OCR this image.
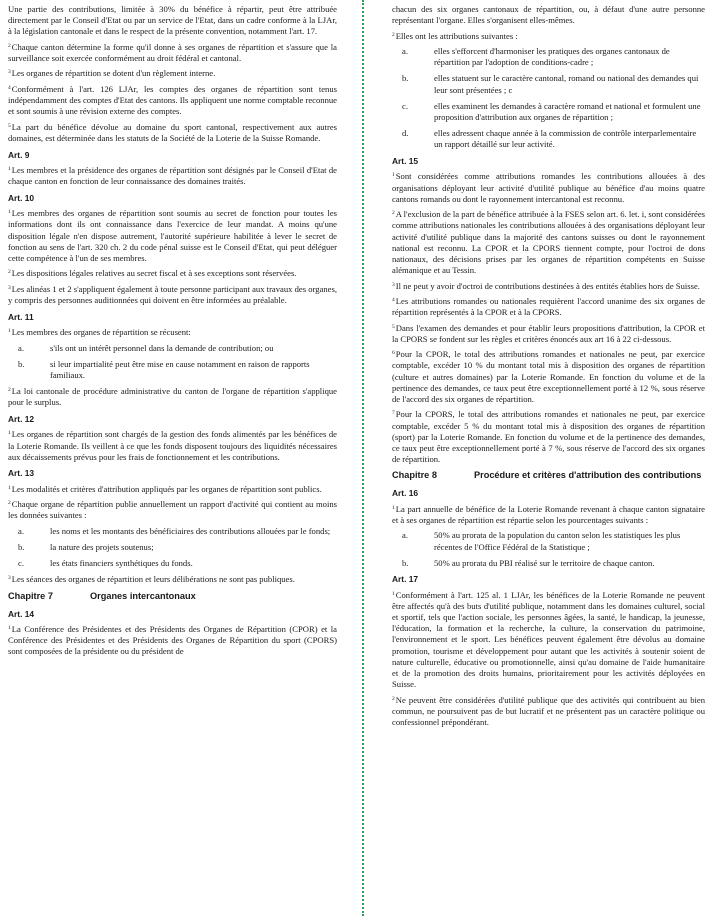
Une partie des contributions, limitée à 30% du bénéfice à répartir, peut être attribuée directement par le Conseil d'Etat ou par un service de l'Etat, dans un cadre conforme à la LJAr, à la législation cantonale et dans le respect de la présente convention, notamment l'art. 17.

$^2$Chaque canton détermine la forme qu'il donne à ses organes de répartition et s'assure que la surveillance soit exercée conformément au droit fédéral et cantonal.

$^3$Les organes de répartition se dotent d'un règlement interne.

$^4$Conformément à l'art. 126 LJAr, les comptes des organes de répartition sont tenus indépendamment des comptes d'Etat des cantons. Ils appliquent une norme comptable reconnue et sont soumis à une révision externe des comptes.

$^5$La part du bénéfice dévolue au domaine du sport cantonal, respectivement aux autres domaines, est déterminée dans les statuts de la Société de la Loterie de la Suisse Romande.

Art. 9

$^1$Les membres et la présidence des organes de répartition sont désignés par le Conseil d'Etat de chaque canton en fonction de leur connaissance des domaines traités.

Art. 10

$^1$Les membres des organes de répartition sont soumis au secret de fonction pour toutes les informations dont ils ont connaissance dans l'exercice de leur mandat. A moins qu'une disposition légale n'en dispose autrement, l'autorité supérieure habilitée à lever le secret de fonction au sens de l'art. 320 ch. 2 du code pénal suisse est le Conseil d'Etat, qui peut déléguer cette compétence à l'un de ses membres.

$^2$Les dispositions légales relatives au secret fiscal et à ses exceptions sont réservées.

$^3$Les alinéas 1 et 2 s'appliquent également à toute personne participant aux travaux des organes, y compris des personnes auditionnées qui doivent en être informées au préalable.

Art. 11

$^1$Les membres des organes de répartition se récusent:

a.	s'ils ont un intérêt personnel dans la demande de contribution; ou
b.	si leur impartialité peut être mise en cause notamment en raison de rapports familiaux.

$^2$La loi cantonale de procédure administrative du canton de l'organe de répartition s'applique pour le surplus.

Art. 12

$^1$Les organes de répartition sont chargés de la gestion des fonds alimentés par les bénéfices de la Loterie Romande. Ils veillent à ce que les fonds disposent toujours des liquidités nécessaires aux décaissements prévus pour les frais de fonctionnement et les contributions.

Art. 13

$^1$Les modalités et critères d'attribution appliqués par les organes de répartition sont publics.

$^2$Chaque organe de répartition publie annuellement un rapport d'activité qui contient au moins les données suivantes :

a.	les noms et les montants des bénéficiaires des contributions allouées par le fonds;
b.	la nature des projets soutenus;
c.	les états financiers synthétiques du fonds.

$^3$Les séances des organes de répartition et leurs délibérations ne sont pas publiques.

Chapitre 7	Organes intercantonaux
Art. 14

$^1$La Conférence des Présidentes et des Présidents des Organes de Répartition (CPOR) et la Conférence des Présidentes et des Présidents des Organes de Répartition du sport (CPORS) sont composées de la présidente ou du président de

chacun des six organes cantonaux de répartition, ou, à défaut d'une autre personne représentant l'organe. Elles s'organisent elles-mêmes.

$^2$Elles ont les attributions suivantes :

a.	elles s'efforcent d'harmoniser les pratiques des organes cantonaux de répartition par l'adoption de conditions-cadre ;
b.	elles statuent sur le caractère cantonal, romand ou national des demandes qui leur sont présentées ; c
c.	elles examinent les demandes à caractère romand et national et formulent une proposition d'attribution aux organes de répartition ;
d.	elles adressent chaque année à la commission de contrôle interparlementaire un rapport détaillé sur leur activité.
Art. 15

$^1$Sont considérées comme attributions romandes les contributions allouées à des organisations déployant leur activité d'utilité publique au bénéfice d'au moins quatre cantons romands ou dont le rayonnement intercantonal est reconnu.

$^2$A l'exclusion de la part de bénéfice attribuée à la FSES selon art. 6. let. i, sont considérées comme attributions nationales les contributions allouées à des organisations déployant leur activité d'utilité publique dans la majorité des cantons suisses ou dont le rayonnement national est reconnu. La CPOR et la CPORS tiennent compte, pour l'octroi de dons nationaux, des décisions prises par les organes de répartition compétents en Suisse alémanique et au Tessin.

$^3$Il ne peut y avoir d'octroi de contributions destinées à des entités établies hors de Suisse.

$^4$Les attributions romandes ou nationales requièrent l'accord unanime des six organes de répartition représentés à la CPOR et à la CPORS.

$^5$Dans l'examen des demandes et pour établir leurs propositions d'attribution, la CPOR et la CPORS se fondent sur les règles et critères énoncés aux art 16 à 22 ci-dessous.

$^6$Pour la CPOR, le total des attributions romandes et nationales ne peut, par exercice comptable, excéder 10 % du montant total mis à disposition des organes de répartition (culture et autres domaines) par la Loterie Romande. En fonction du volume et de la pertinence des demandes, ce taux peut être exceptionnellement porté à 12 %, sous réserve de l'accord des six organes de répartition.

$^7$Pour la CPORS, le total des attributions romandes et nationales ne peut, par exercice comptable, excéder 5 % du montant total mis à disposition des organes de répartition (sport) par la Loterie Romande. En fonction du volume et de la pertinence des demandes, ce taux peut être exceptionnellement porté à 7 %, sous réserve de l'accord des six organes de répartition.

Chapitre 8	Procédure et critères d'attribution des contributions
Art. 16

$^1$La part annuelle de bénéfice de la Loterie Romande revenant à chaque canton signataire et à ses organes de répartition est répartie selon les pourcentages suivants :

a.	50% au prorata de la population du canton selon les statistiques les plus récentes de l'Office Fédéral de la Statistique ;
b.	50% au prorata du PBI réalisé sur le territoire de chaque canton.
Art. 17

$^1$Conformément à l'art. 125 al. 1 LJAr, les bénéfices de la Loterie Romande ne peuvent être affectés qu'à des buts d'utilité publique, notamment dans les domaines culturel, social et sportif, tels que l'action sociale, les personnes âgées, la santé, le handicap, la jeunesse, l'éducation, la formation et la recherche, la culture, la conservation du patrimoine, l'environnement et le sport. Les bénéfices peuvent également être dévolus au domaine promotion, tourisme et développement pour autant que les activités à soutenir soient de nature culturelle, éducative ou promotionnelle, ainsi qu'au domaine de l'aide humanitaire et de la promotion des droits humains, prioritairement pour les activités déployées en Suisse.

$^2$Ne peuvent être considérées d'utilité publique que des activités qui contribuent au bien commun, ne poursuivent pas de but lucratif et ne présentent pas un caractère politique ou confessionnel prépondérant.
